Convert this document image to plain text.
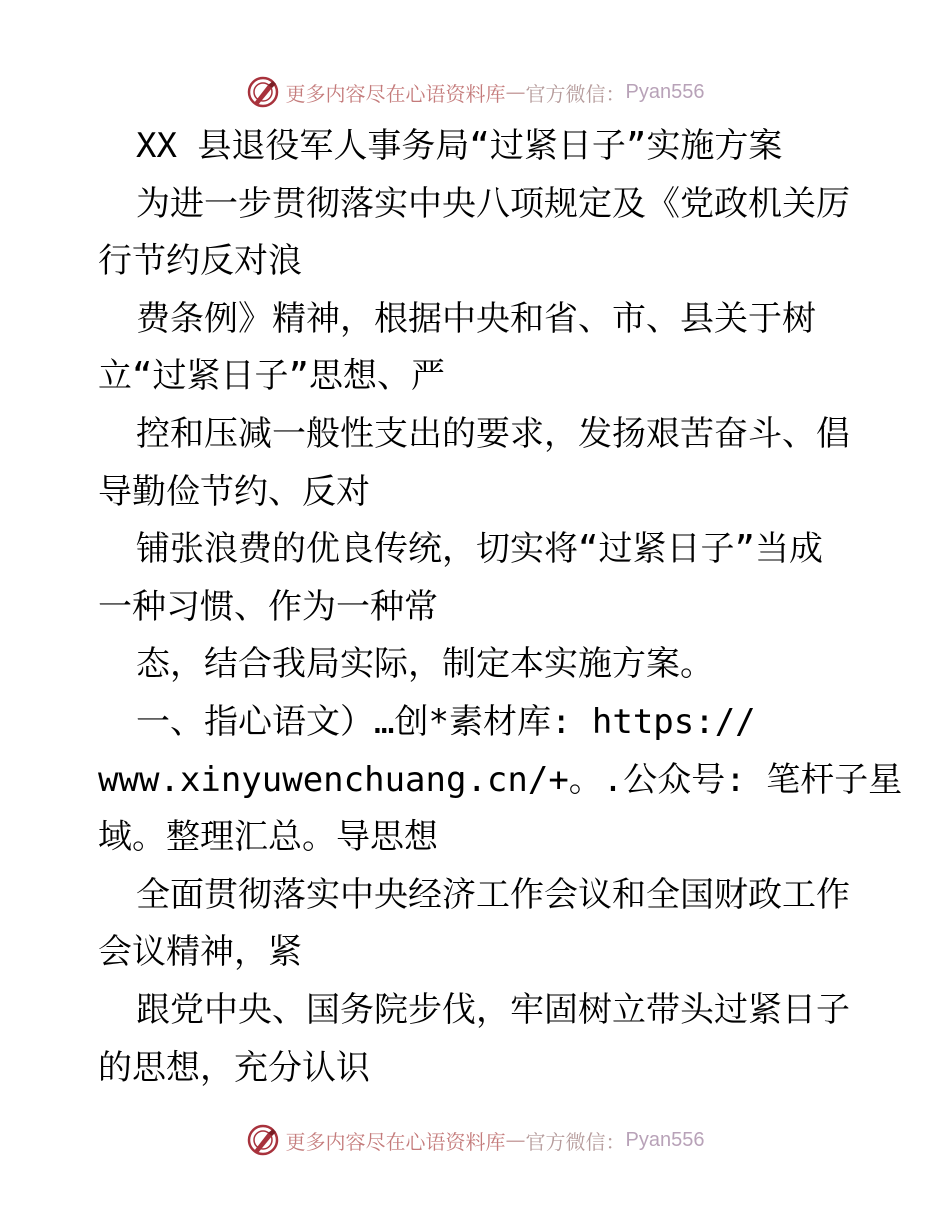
更多内容尽在心语资料库 — 官方微信： Pyan556
XX 县退役军人事务局“过紧日子”实施方案
为进一步贯彻落实中央八项规定及《党政机关厉
行节约反对浪
费条例》精神，根据中央和省、市、县关于树
立“过紧日子”思想、严
控和压减一般性支出的要求，发扬艰苦奋斗、倡
导勤俭节约、反对
铺张浪费的优良传统，切实将“过紧日子”当成
一种习惯、作为一种常
态，结合我局实际，制定本实施方案。
一、指心语文）…创*素材库: https://
www.xinyuwenchuang.cn/+。.公众号: 笔杆子星
域。整理汇总。导思想
全面贯彻落实中央经济工作会议和全国财政工作
会议精神，紧
跟党中央、国务院步伐，牢固树立带头过紧日子
的思想，充分认识
更多内容尽在心语资料库 — 官方微信： Pyan556
